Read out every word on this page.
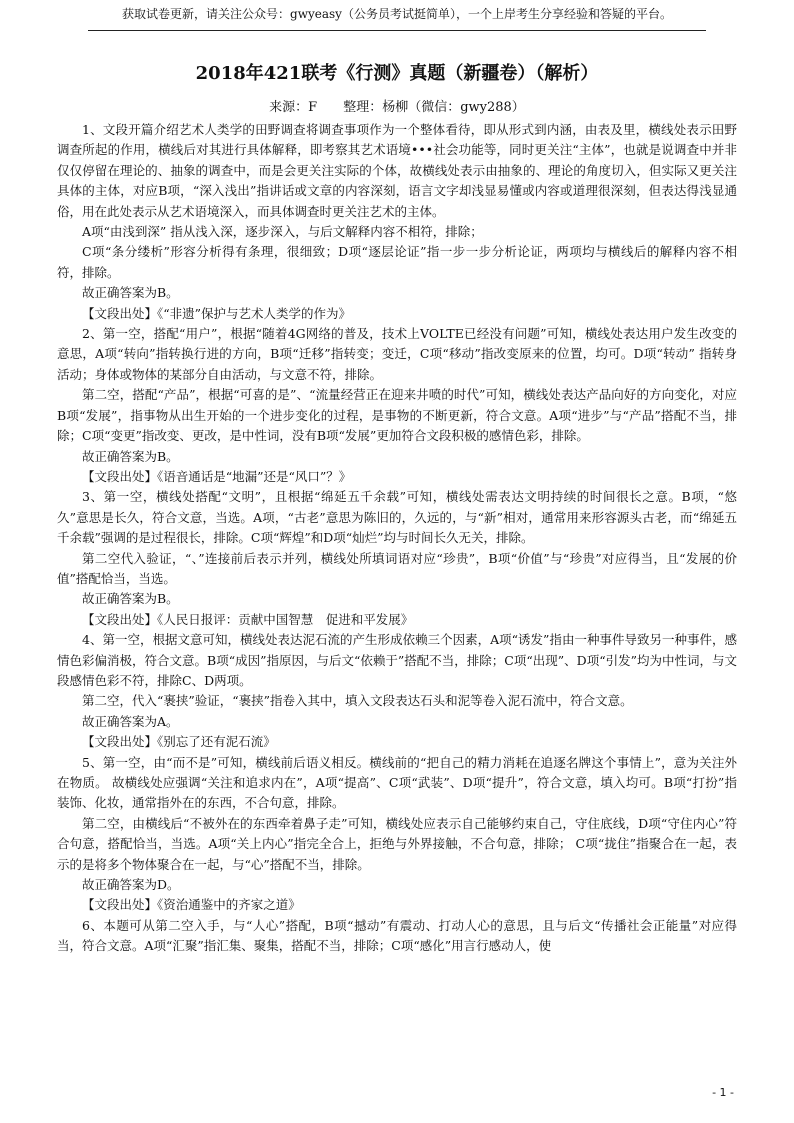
获取试卷更新，请关注公众号：gwyeasy（公务员考试挺简单），一个上岸考生分享经验和答疑的平台。
2018年421联考《行测》真题（新疆卷）（解析）
来源：F　　整理：杨柳（微信：gwy288）

1、文段开篇介绍艺术人类学的田野调查将调查事项作为一个整体看待，即从形式到内涵，由表及里，横线处表示田野调查所起的作用，横线后对其进行具体解释，即考察其艺术语境•••社会功能等，同时更关注“主体”，也就是说调查中并非仅仅停留在理论的、抽象的调查中，而是会更关注实际的个体，故横线处表示由抽象的、理论的角度切入，但实际又更关注具体的主体，对应B项，“深入浅出”指讲话或文章的内容深刻，语言文字却浅显易懂或内容或道理很深刻，但表达得浅显通俗，用在此处表示从艺术语境深入，而具体调查时更关注艺术的主体。

A项“由浅到深” 指从浅入深，逐步深入，与后文解释内容不相符，排除；

C项“条分缕析”形容分析得有条理，很细致；D项“逐层论证”指一步一步分析论证，两项均与横线后的解释内容不相符，排除。

故正确答案为B。

【文段出处】《“非遗”保护与艺术人类学的作为》

2、第一空，搭配“用户”，根据“随着4G网络的普及，技术上VOLTE已经没有问题”可知，横线处表达用户发生改变的意思，A项“转向”指转换行进的方向，B项“迁移”指转变；变迁，C项“移动”指改变原来的位置，均可。D项“转动” 指转身活动；身体或物体的某部分自由活动，与文意不符，排除。

第二空，搭配“产品”，根据“可喜的是”、“流量经营正在迎来井喷的时代”可知，横线处表达产品向好的方向变化，对应B项“发展”，指事物从出生开始的一个进步变化的过程，是事物的不断更新，符合文意。A项“进步”与“产品”搭配不当，排除；C项“变更”指改变、更改，是中性词，没有B项“发展”更加符合文段积极的感情色彩，排除。

故正确答案为B。

【文段出处】《语音通话是“地漏”还是“风口”？》

3、第一空，横线处搭配“文明”，且根据“绵延五千余载”可知，横线处需表达文明持续的时间很长之意。B项，“悠久”意思是长久，符合文意，当选。A项，“古老”意思为陈旧的，久远的，与“新”相对，通常用来形容源头古老，而“绵延五千余载”强调的是过程很长，排除。C项“辉煌”和D项“灿烂”均与时间长久无关，排除。

第二空代入验证，“、”连接前后表示并列，横线处所填词语对应“珍贵”，B项“价值”与“珍贵”对应得当，且“发展的价值”搭配恰当，当选。

故正确答案为B。

【文段出处】《人民日报评：贡献中国智慧　促进和平发展》

4、第一空，根据文意可知，横线处表达泥石流的产生形成依赖三个因素，A项“诱发”指由一种事件导致另一种事件，感情色彩偏消极，符合文意。B项“成因”指原因，与后文“依赖于”搭配不当，排除；C项“出现”、D项“引发”均为中性词，与文段感情色彩不符，排除C、D两项。

第二空，代入“裹挟”验证，“裹挟”指卷入其中，填入文段表达石头和泥等卷入泥石流中，符合文意。

故正确答案为A。

【文段出处】《别忘了还有泥石流》

5、第一空，由“而不是”可知，横线前后语义相反。横线前的“把自己的精力消耗在追逐名牌这个事情上”，意为关注外在物质。 故横线处应强调“关注和追求内在”，A项“提高”、C项“武装”、D项“提升”，符合文意，填入均可。B项“打扮”指装饰、化妆，通常指外在的东西，不合句意，排除。

第二空，由横线后“不被外在的东西牵着鼻子走”可知，横线处应表示自己能够约束自己，守住底线，D项“守住内心”符合句意，搭配恰当，当选。A项“关上内心”指完全合上，拒绝与外界接触，不合句意，排除； C项“拢住”指聚合在一起，表示的是将多个物体聚合在一起，与“心”搭配不当，排除。

故正确答案为D。

【文段出处】《资治通鉴中的齐家之道》

6、本题可从第二空入手，与“人心”搭配，B项“撼动”有震动、打动人心的意思，且与后文“传播社会正能量”对应得当，符合文意。A项“汇聚”指汇集、聚集，搭配不当，排除；C项“感化”用言行感动人，使

- 1 -
